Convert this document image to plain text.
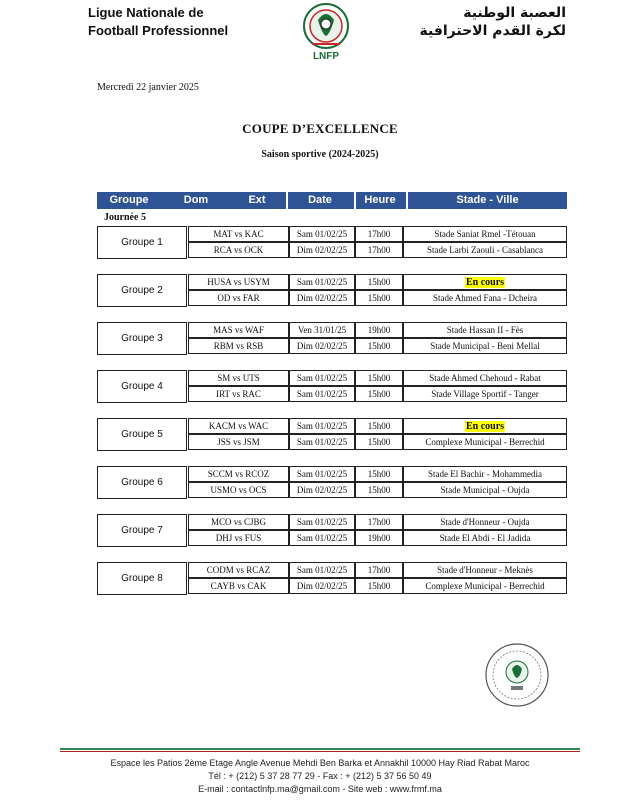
Ligue Nationale de
Football Professionnel
LNFP
العصبة الوطنية
لكرة القدم الاحترافية
Mercredi 22 janvier 2025
COUPE D’EXCELLENCE
Saison sportive (2024-2025)
Groupe	Dom	Ext	Date	Heure	Stade - Ville
Journée 5
Groupe 1
MAT vs KAC	Sam 01/02/25	17h00	Stade Saniat Rmel -Tétouan
RCA vs OCK	Dim 02/02/25	17h00	Stade Larbi Zaouli - Casablanca
Groupe 2
HUSA vs USYM	Sam 01/02/25	15h00	En cours
OD vs FAR	Dim 02/02/25	15h00	Stade Ahmed Fana - Dcheira
Groupe 3
MAS vs WAF	Ven 31/01/25	19h00	Stade Hassan II - Fès
RBM vs RSB	Dim 02/02/25	15h00	Stade Municipal - Beni Mellal
Groupe 4
SM vs UTS	Sam 01/02/25	15h00	Stade Ahmed Chehoud - Rabat
IRT vs RAC	Sam 01/02/25	15h00	Stade Village Sportif - Tanger
Groupe 5
KACM vs WAC	Sam 01/02/25	15h00	En cours
JSS vs JSM	Sam 01/02/25	15h00	Complexe Municipal - Berrechid
Groupe 6
SCCM vs RCOZ	Sam 01/02/25	15h00	Stade El Bachir - Mohammedia
USMO vs OCS	Dim 02/02/25	15h00	Stade Municipal - Oujda
Groupe 7
MCO vs CJBG	Sam 01/02/25	17h00	Stade d'Honneur - Oujda
DHJ vs FUS	Sam 01/02/25	19h00	Stade El Abdi - El Jadida
Groupe 8
CODM vs RCAZ	Sam 01/02/25	17h00	Stade d'Honneur - Meknès
CAYB vs CAK	Dim 02/02/25	15h00	Complexe Municipal - Berrechid
Espace les Patios 2ème Etage Angle Avenue Mehdi Ben Barka et Annakhil 10000 Hay Riad Rabat Maroc
Tél : + (212) 5 37 28 77 29 - Fax : + (212) 5 37 56 50 49
E-mail : contactlnfp.ma@gmail.com - Site web : www.frmf.ma
